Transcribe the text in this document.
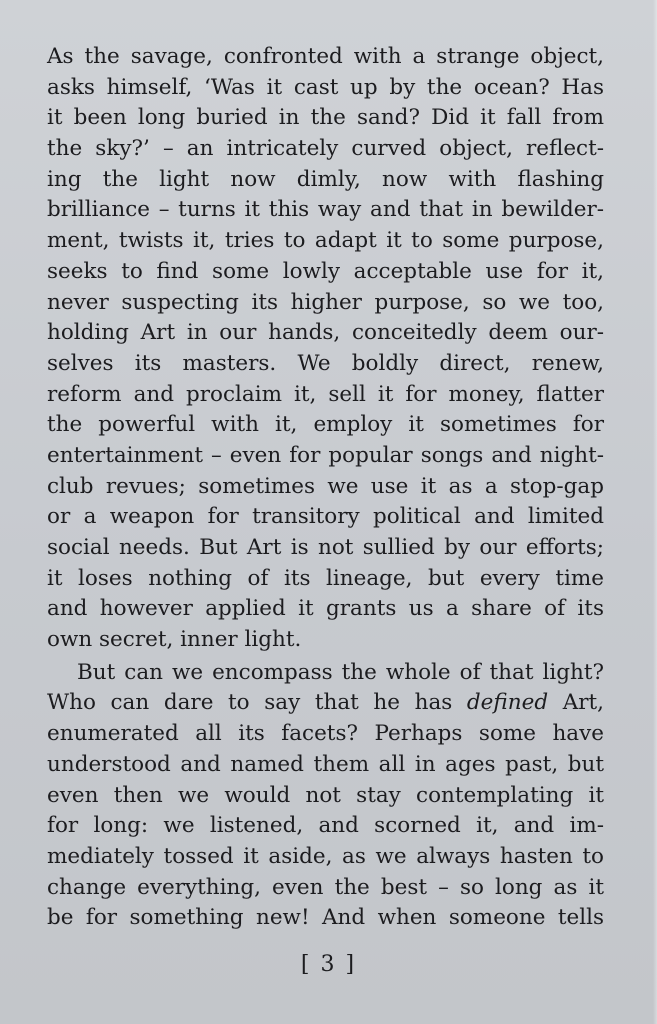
As the savage, confronted with a strange object,
asks himself, ‘Was it cast up by the ocean? Has
it been long buried in the sand? Did it fall from
the sky?’ – an intricately curved object, reflect-
ing the light now dimly, now with flashing
brilliance – turns it this way and that in bewilder-
ment, twists it, tries to adapt it to some purpose,
seeks to find some lowly acceptable use for it,
never suspecting its higher purpose, so we too,
holding Art in our hands, conceitedly deem our-
selves its masters. We boldly direct, renew,
reform and proclaim it, sell it for money, flatter
the powerful with it, employ it sometimes for
entertainment – even for popular songs and night-
club revues; sometimes we use it as a stop-gap
or a weapon for transitory political and limited
social needs. But Art is not sullied by our efforts;
it loses nothing of its lineage, but every time
and however applied it grants us a share of its
own secret, inner light.
But can we encompass the whole of that light?
Who can dare to say that he has defined Art,
enumerated all its facets? Perhaps some have
understood and named them all in ages past, but
even then we would not stay contemplating it
for long: we listened, and scorned it, and im-
mediately tossed it aside, as we always hasten to
change everything, even the best – so long as it
be for something new! And when someone tells
[ 3 ]
